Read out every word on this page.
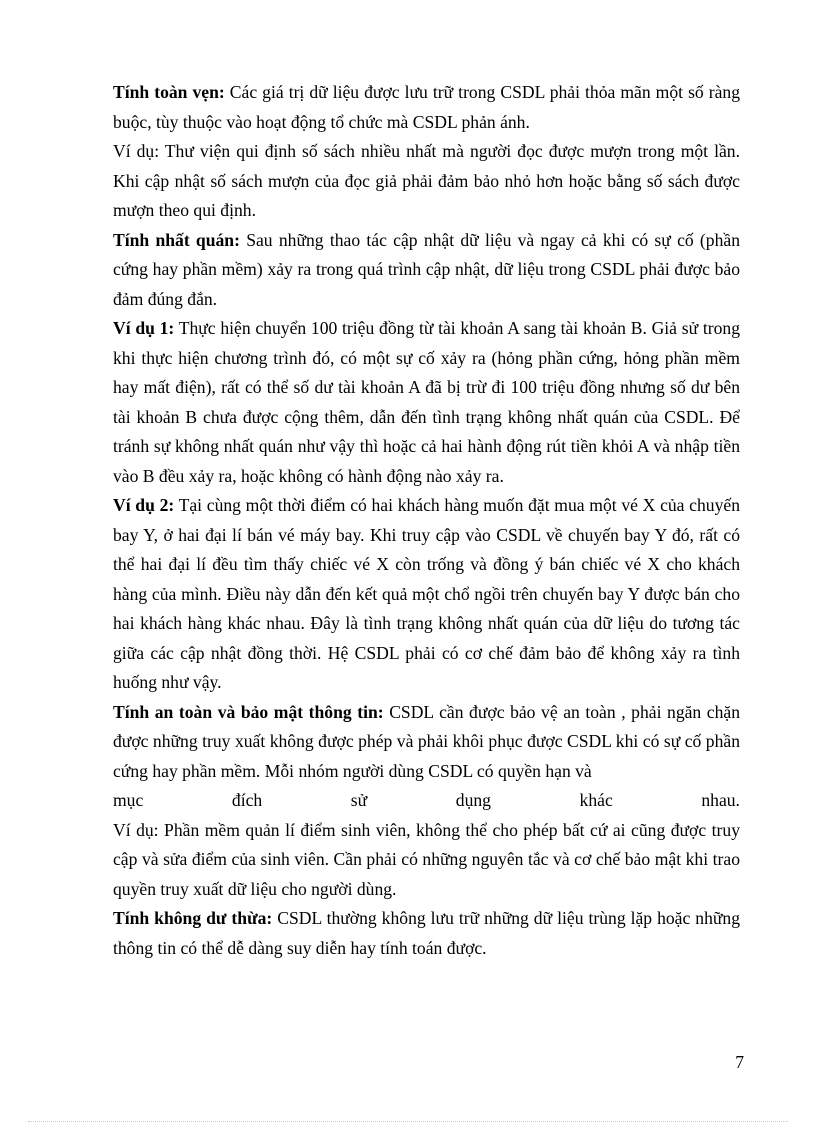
Tính toàn vẹn: Các giá trị dữ liệu được lưu trữ trong CSDL phải thỏa mãn một số ràng buộc, tùy thuộc vào hoạt động tổ chức mà CSDL phản ánh.
Ví dụ: Thư viện qui định số sách nhiều nhất mà người đọc được mượn trong một lần. Khi cập nhật số sách mượn của đọc giả phải đảm bảo nhỏ hơn hoặc bằng số sách được mượn theo qui định.

Tính nhất quán: Sau những thao tác cập nhật dữ liệu và ngay cả khi có sự cố (phần cứng hay phần mềm) xảy ra trong quá trình cập nhật, dữ liệu trong CSDL phải được bảo đảm đúng đắn.

Ví dụ 1: Thực hiện chuyển 100 triệu đồng từ tài khoản A sang tài khoản B. Giả sử trong khi thực hiện chương trình đó, có một sự cố xảy ra (hỏng phần cứng, hỏng phần mềm hay mất điện), rất có thể số dư tài khoản A đã bị trừ đi 100 triệu đồng nhưng số dư bên tài khoản B chưa được cộng thêm, dẫn đến tình trạng không nhất quán của CSDL. Để tránh sự không nhất quán như vậy thì hoặc cả hai hành động rút tiền khỏi A và nhập tiền vào B đều xảy ra, hoặc không có hành động nào xảy ra.

Ví dụ 2: Tại cùng một thời điểm có hai khách hàng muốn đặt mua một vé X của chuyến bay Y, ở hai đại lí bán vé máy bay. Khi truy cập vào CSDL về chuyến bay Y đó, rất có thể hai đại lí đều tìm thấy chiếc vé X còn trống và đồng ý bán chiếc vé X cho khách hàng của mình. Điều này dẫn đến kết quả một chổ ngồi trên chuyến bay Y được bán cho hai khách hàng khác nhau. Đây là tình trạng không nhất quán của dữ liệu do tương tác giữa các cập nhật đồng thời. Hệ CSDL phải có cơ chế đảm bảo để không xảy ra tình huống như vậy.

Tính an toàn và bảo mật thông tin: CSDL cần được bảo vệ an toàn , phải ngăn chặn được những truy xuất không được phép và phải khôi phục được CSDL khi có sự cố phần cứng hay phần mềm. Mỗi nhóm người dùng CSDL có quyền hạn và
mục	đích	sử	dụng	khác	nhau.
Ví dụ: Phần mềm quản lí điểm sinh viên, không thể cho phép bất cứ ai cũng được truy cập và sửa điểm của sinh viên. Cần phải có những nguyên tắc và cơ chế bảo mật khi trao quyền truy xuất dữ liệu cho người dùng.

Tính không dư thừa: CSDL thường không lưu trữ những dữ liệu trùng lặp hoặc những thông tin có thể dễ dàng suy diễn hay tính toán được.

7
